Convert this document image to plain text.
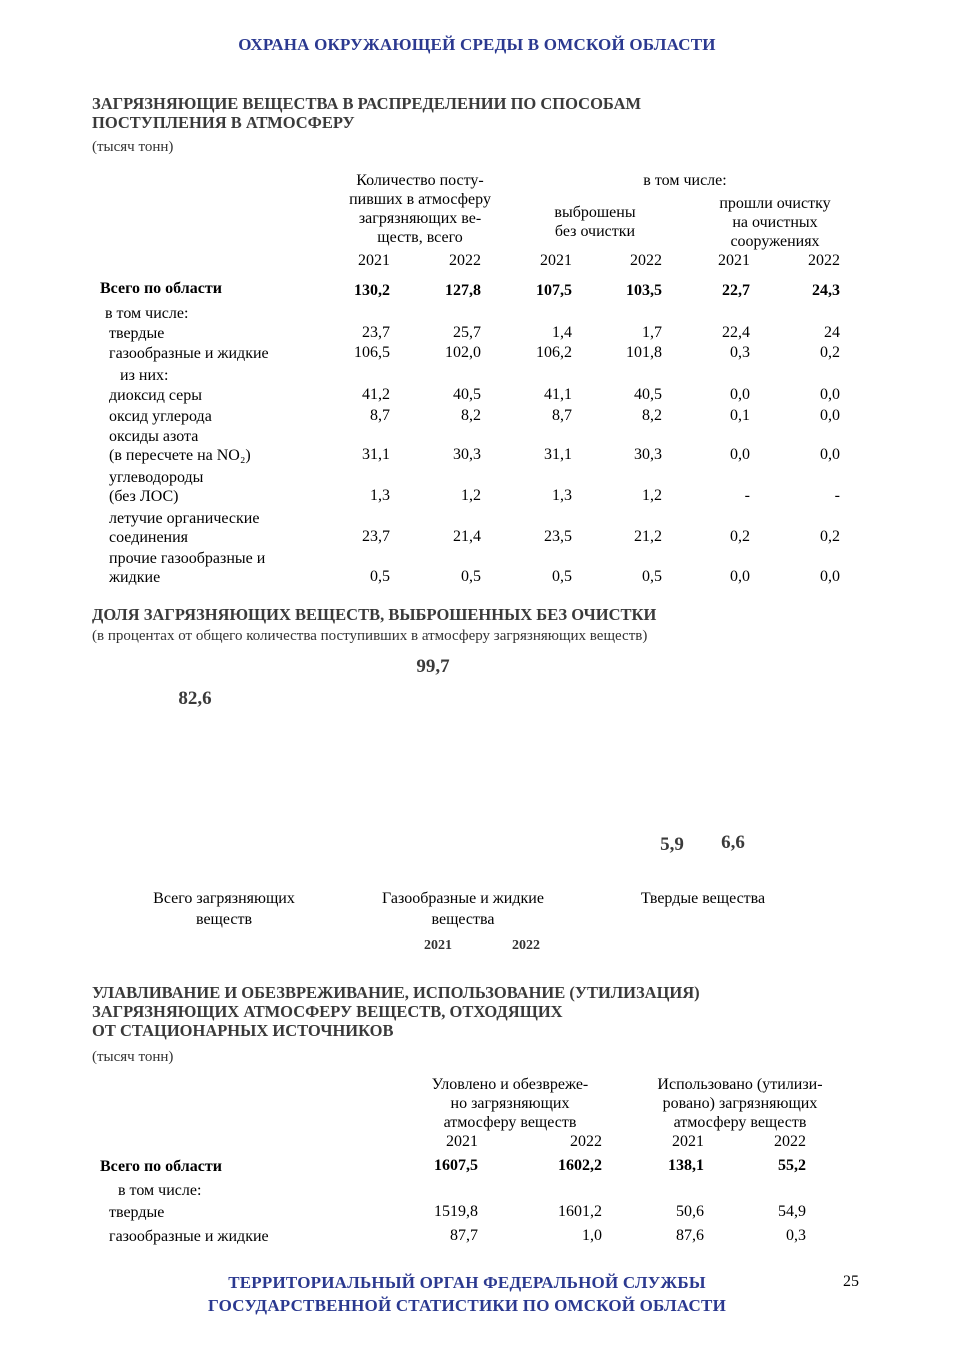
ОХРАНА ОКРУЖАЮЩЕЙ СРЕДЫ В ОМСКОЙ ОБЛАСТИ
ЗАГРЯЗНЯЮЩИЕ ВЕЩЕСТВА В РАСПРЕДЕЛЕНИИ ПО СПОСОБАМ
ПОСТУПЛЕНИЯ В АТМОСФЕРУ
(тысяч тонн)
Количество посту-
пивших в атмосферу
загрязняющих ве-
ществ, всего
в том числе:
выброшены
без очистки
прошли очистку
на очистных
сооружениях
2021	2022	2021	2022	2021	2022
Всего по области	130,2	127,8	107,5	103,5	22,7	24,3
в том числе:
твердые	23,7	25,7	1,4	1,7	22,4	24
газообразные и жидкие	106,5	102,0	106,2	101,8	0,3	0,2
из них:
диоксид серы	41,2	40,5	41,1	40,5	0,0	0,0
оксид углерода	8,7	8,2	8,7	8,2	0,1	0,0
оксиды азота
(в пересчете на NO₂)	31,1	30,3	31,1	30,3	0,0	0,0
углеводороды
(без ЛОС)	1,3	1,2	1,3	1,2	-	-
летучие органические
соединения	23,7	21,4	23,5	21,2	0,2	0,2
прочие газообразные и
жидкие	0,5	0,5	0,5	0,5	0,0	0,0
ДОЛЯ ЗАГРЯЗНЯЮЩИХ ВЕЩЕСТВ, ВЫБРОШЕННЫХ БЕЗ ОЧИСТКИ
(в процентах от общего количества поступивших в атмосферу загрязняющих веществ)
82,6
99,7
5,9	6,6
Всего загрязняющих
веществ
Газообразные и жидкие
вещества
Твердые вещества
2021	2022
УЛАВЛИВАНИЕ И ОБЕЗВРЕЖИВАНИЕ, ИСПОЛЬЗОВАНИЕ (УТИЛИЗАЦИЯ)
ЗАГРЯЗНЯЮЩИХ АТМОСФЕРУ ВЕЩЕСТВ, ОТХОДЯЩИХ
ОТ СТАЦИОНАРНЫХ ИСТОЧНИКОВ
(тысяч тонн)
Уловлено и обезвреже-
но загрязняющих
атмосферу веществ
Использовано (утилизи-
ровано) загрязняющих
атмосферу веществ
2021	2022	2021	2022
Всего по области	1607,5	1602,2	138,1	55,2
в том числе:
твердые	1519,8	1601,2	50,6	54,9
газообразные и жидкие	87,7	1,0	87,6	0,3
ТЕРРИТОРИАЛЬНЫЙ ОРГАН ФЕДЕРАЛЬНОЙ СЛУЖБЫ
ГОСУДАРСТВЕННОЙ СТАТИСТИКИ ПО ОМСКОЙ ОБЛАСТИ
25
